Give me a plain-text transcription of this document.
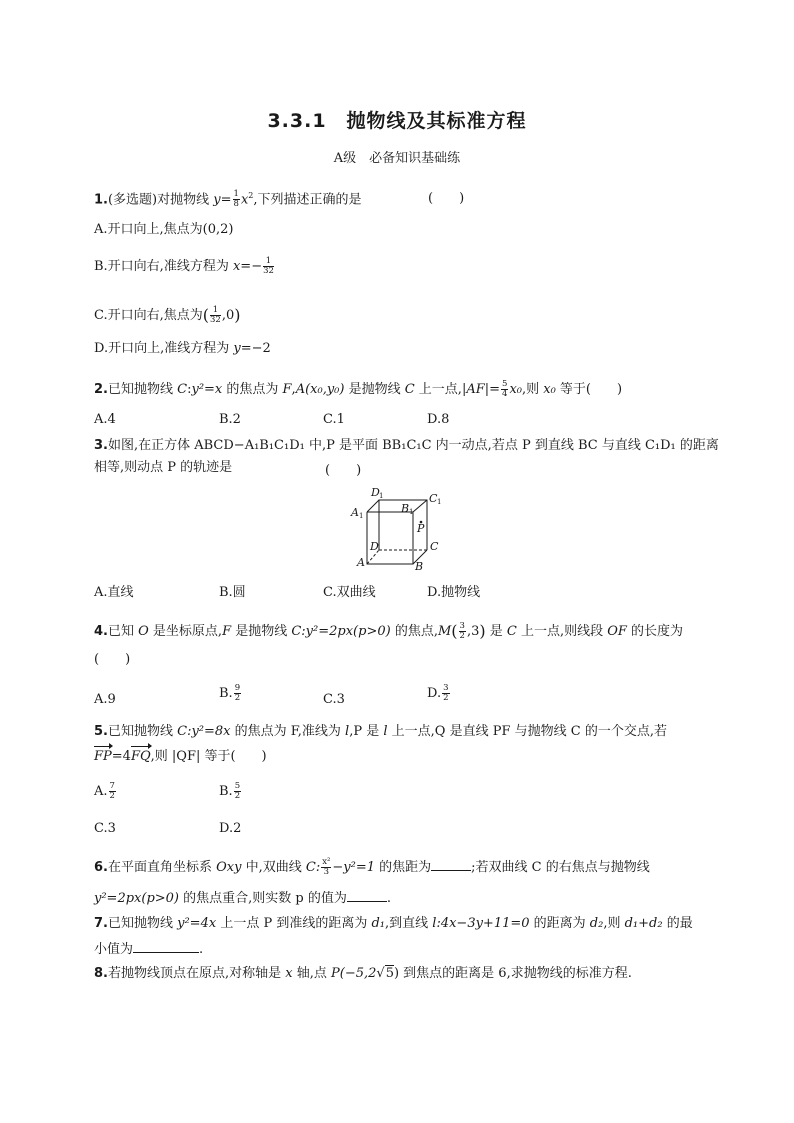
3.3.1　抛物线及其标准方程
A级　必备知识基础练
1.(多选题)对抛物线 $y= \frac{1}{8} x^2$,下列描述正确的是	(　　)
A.开口向上,焦点为(0,2)
B.开口向右,准线方程为 $x=- \frac{1}{32}$
C.开口向右,焦点为( $\frac{1}{32} ,0$)
D.开口向上,准线方程为 y=−2
2.已知抛物线 C:y²=x 的焦点为 F,A(x₀,y₀) 是抛物线 C 上一点$,|AF|= \frac{5}{4} x_0$,则 x₀ 等于(　　)
A.4	B.2	C.1	D.8
3.如图,在正方体 ABCD−A₁B₁C₁D₁ 中,P 是平面 BB₁C₁C 内一动点,若点 P 到直线 BC 与直线 C₁D₁ 的距离
相等,则动点 P 的轨迹是	(　　)
D 1	C 1
A 1
B 1
P
D	C
A	B
A.直线	B.圆	C.双曲线	D.抛物线
4.已知 O 是坐标原点,F 是抛物线 C:y²=2px(p>0) 的焦点$,M( \frac{3}{2} ,3)$ 是 C 上一点,则线段 OF 的长度为
(　　)
A.9	B. $\frac{9}{2}$	C.3	D. $\frac{3}{2}$
5.已知抛物线 C:y²=8x 的焦点为 F,准线为 l,P 是 l 上一点,Q 是直线 PF 与抛物线 C 的一个交点,若
FP=4FQ,则 |QF| 等于(　　)
A. $\frac{7}{2}$	B. $\frac{5}{2}$
C.3	D.2
6.在平面直角坐标系 Oxy 中,双曲线 C: $\frac{\text{x²}}{3} -y^2=1$ 的焦距为	;若双曲线 C 的右焦点与抛物线
y²=2px(p>0) 的焦点重合,则实数 p 的值为	.
7.已知抛物线 y²=4x 上一点 P 到准线的距离为 d₁,到直线 l:4x−3y+11=0 的距离为 d₂,则 d₁+d₂ 的最
小值为	.
8.若抛物线顶点在原点,对称轴是 x 轴,点 P(−5,2√5) 到焦点的距离是 6,求抛物线的标准方程.
